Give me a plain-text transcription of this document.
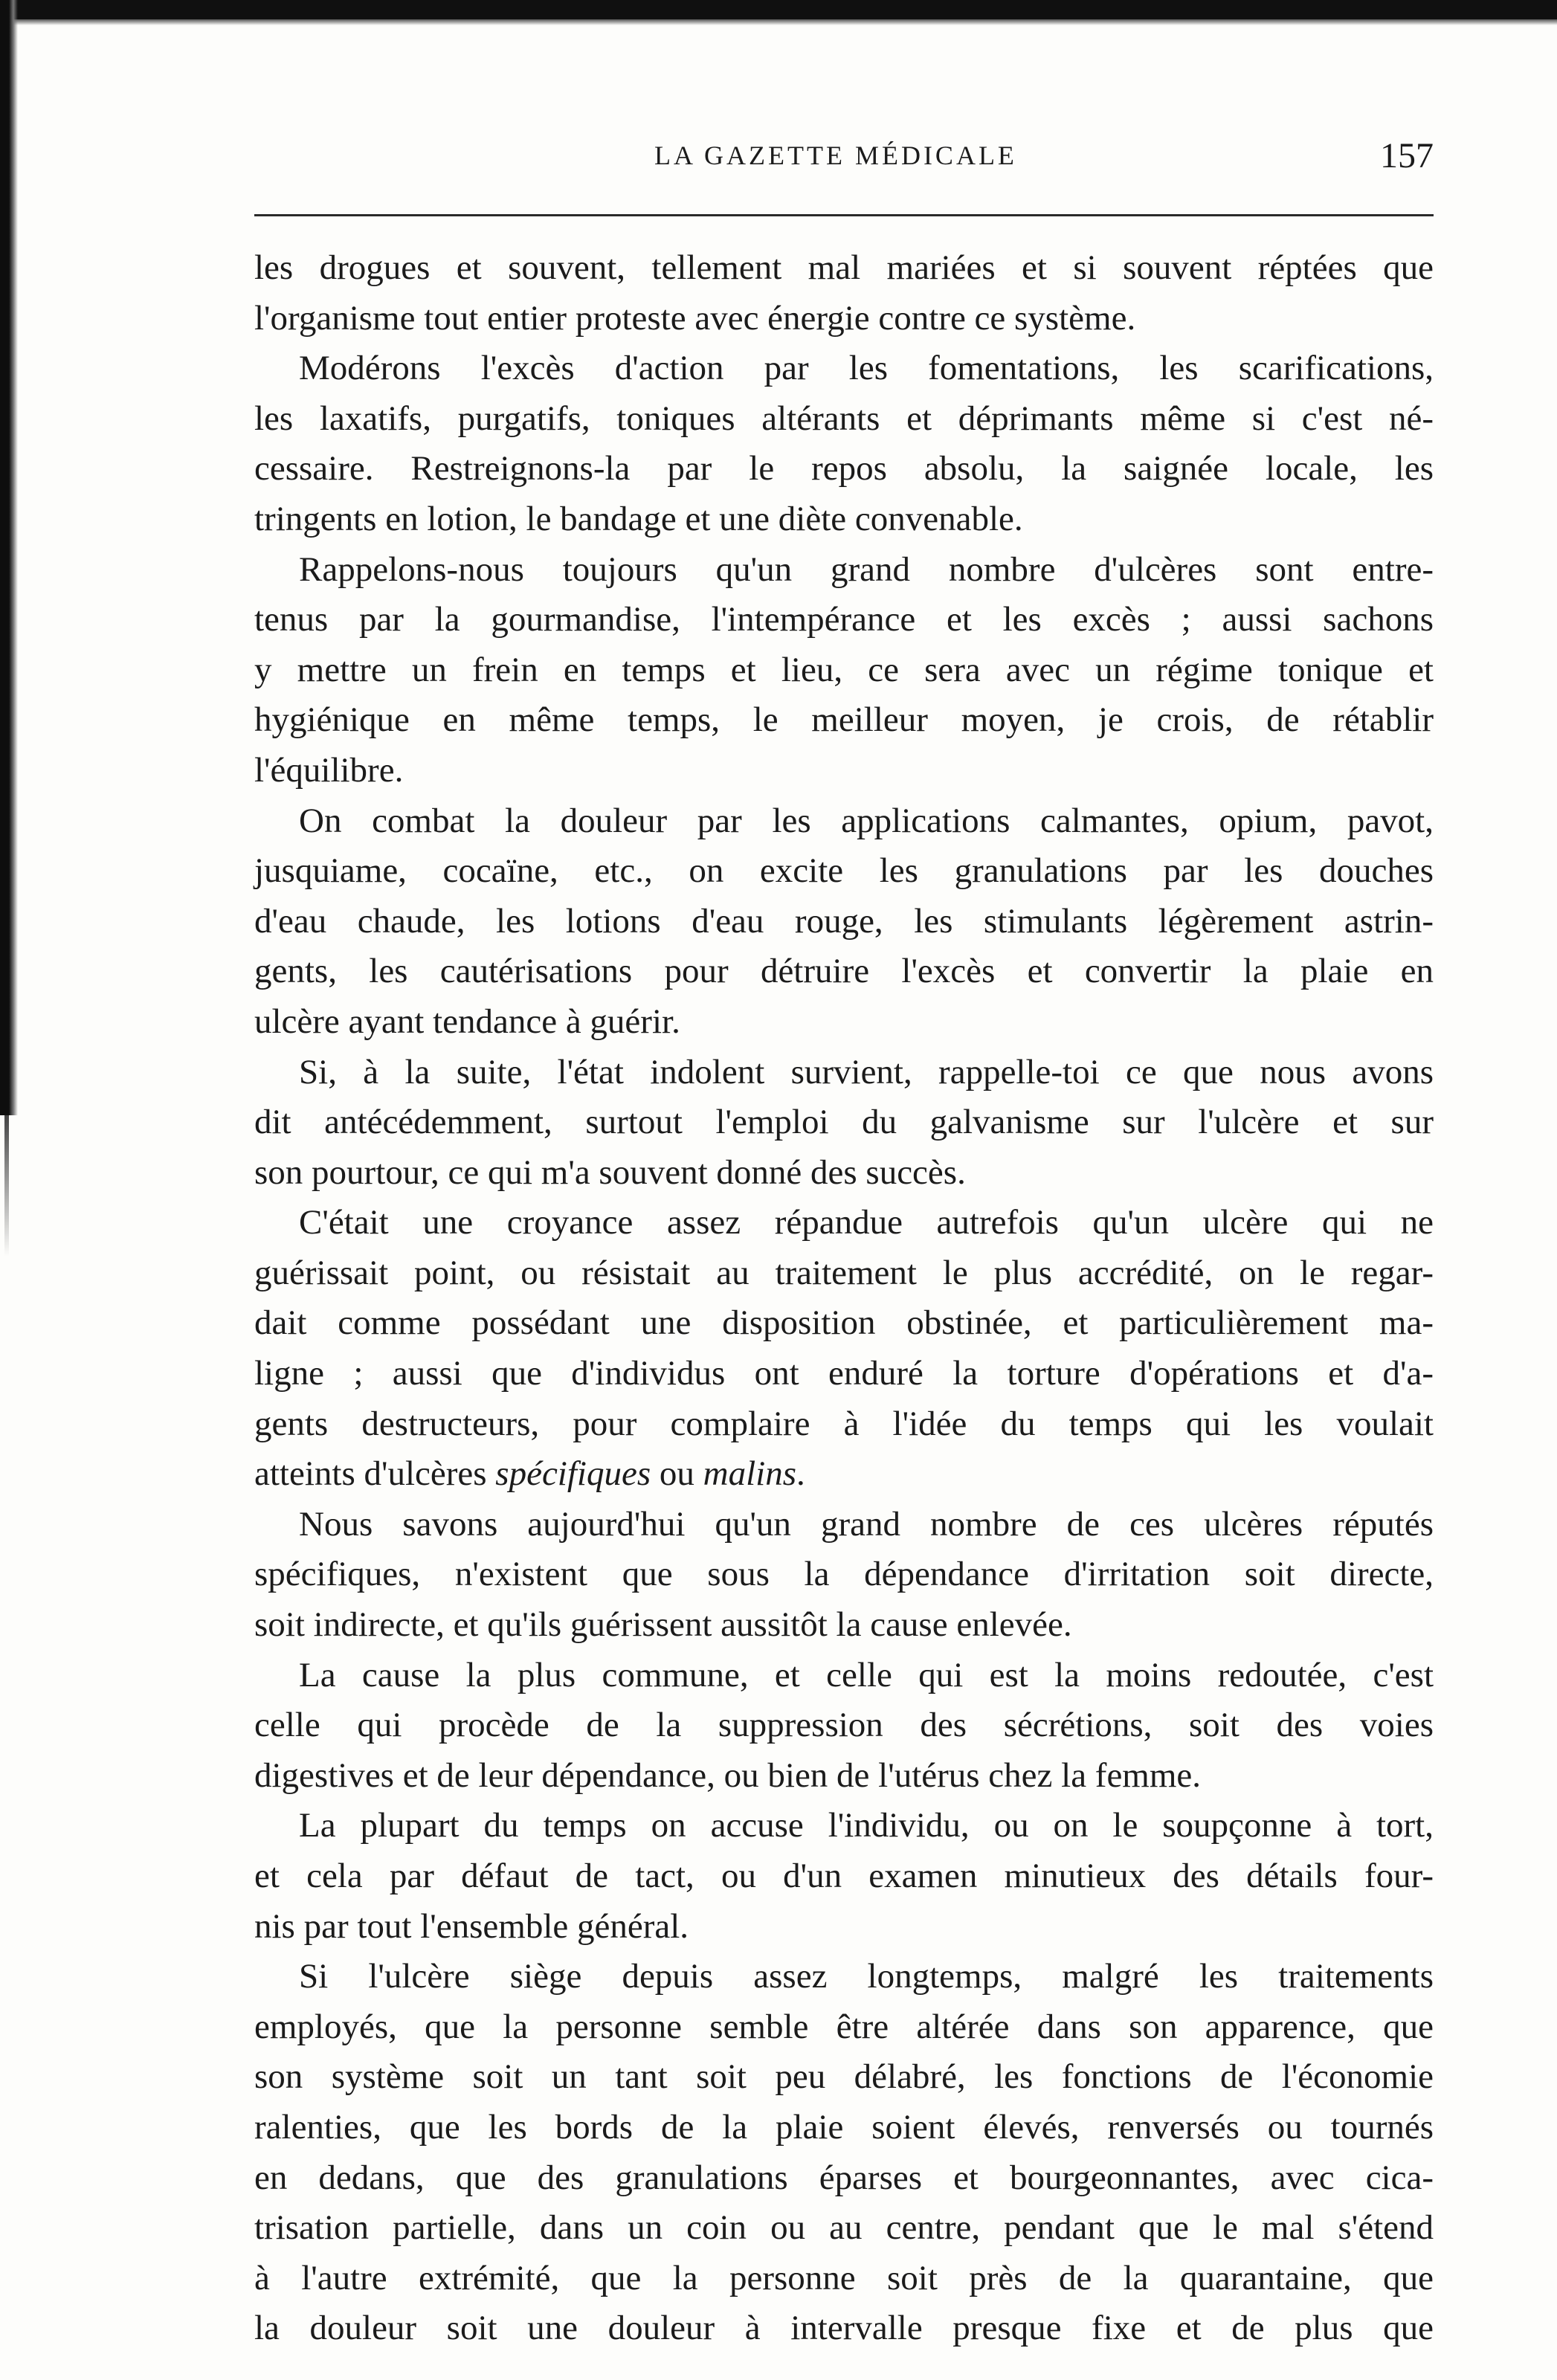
LA GAZETTE MÉDICALE	157
les drogues et souvent, tellement mal mariées et si souvent réptées que
l'organisme tout entier proteste avec énergie contre ce système.
Modérons l'excès d'action par les fomentations, les scarifications,
les laxatifs, purgatifs, toniques altérants et déprimants même si c'est né-
cessaire. Restreignons-la par le repos absolu, la saignée locale, les
tringents en lotion, le bandage et une diète convenable.
Rappelons-nous toujours qu'un grand nombre d'ulcères sont entre-
tenus par la gourmandise, l'intempérance et les excès ; aussi sachons
y mettre un frein en temps et lieu, ce sera avec un régime tonique et
hygiénique en même temps, le meilleur moyen, je crois, de rétablir
l'équilibre.
On combat la douleur par les applications calmantes, opium, pavot,
jusquiame, cocaïne, etc., on excite les granulations par les douches
d'eau chaude, les lotions d'eau rouge, les stimulants légèrement astrin-
gents, les cautérisations pour détruire l'excès et convertir la plaie en
ulcère ayant tendance à guérir.
Si, à la suite, l'état indolent survient, rappelle-toi ce que nous avons
dit antécédemment, surtout l'emploi du galvanisme sur l'ulcère et sur
son pourtour, ce qui m'a souvent donné des succès.
C'était une croyance assez répandue autrefois qu'un ulcère qui ne
guérissait point, ou résistait au traitement le plus accrédité, on le regar-
dait comme possédant une disposition obstinée, et particulièrement ma-
ligne ; aussi que d'individus ont enduré la torture d'opérations et d'a-
gents destructeurs, pour complaire à l'idée du temps qui les voulait
atteints d'ulcères spécifiques ou malins.
Nous savons aujourd'hui qu'un grand nombre de ces ulcères réputés
spécifiques, n'existent que sous la dépendance d'irritation soit directe,
soit indirecte, et qu'ils guérissent aussitôt la cause enlevée.
La cause la plus commune, et celle qui est la moins redoutée, c'est
celle qui procède de la suppression des sécrétions, soit des voies
digestives et de leur dépendance, ou bien de l'utérus chez la femme.
La plupart du temps on accuse l'individu, ou on le soupçonne à tort,
et cela par défaut de tact, ou d'un examen minutieux des détails four-
nis par tout l'ensemble général.
Si l'ulcère siège depuis assez longtemps, malgré les traitements
employés, que la personne semble être altérée dans son apparence, que
son système soit un tant soit peu délabré, les fonctions de l'économie
ralenties, que les bords de la plaie soient élevés, renversés ou tournés
en dedans, que des granulations éparses et bourgeonnantes, avec cica-
trisation partielle, dans un coin ou au centre, pendant que le mal s'étend
à l'autre extrémité, que la personne soit près de la quarantaine, que
la douleur soit une douleur à intervalle presque fixe et de plus que
